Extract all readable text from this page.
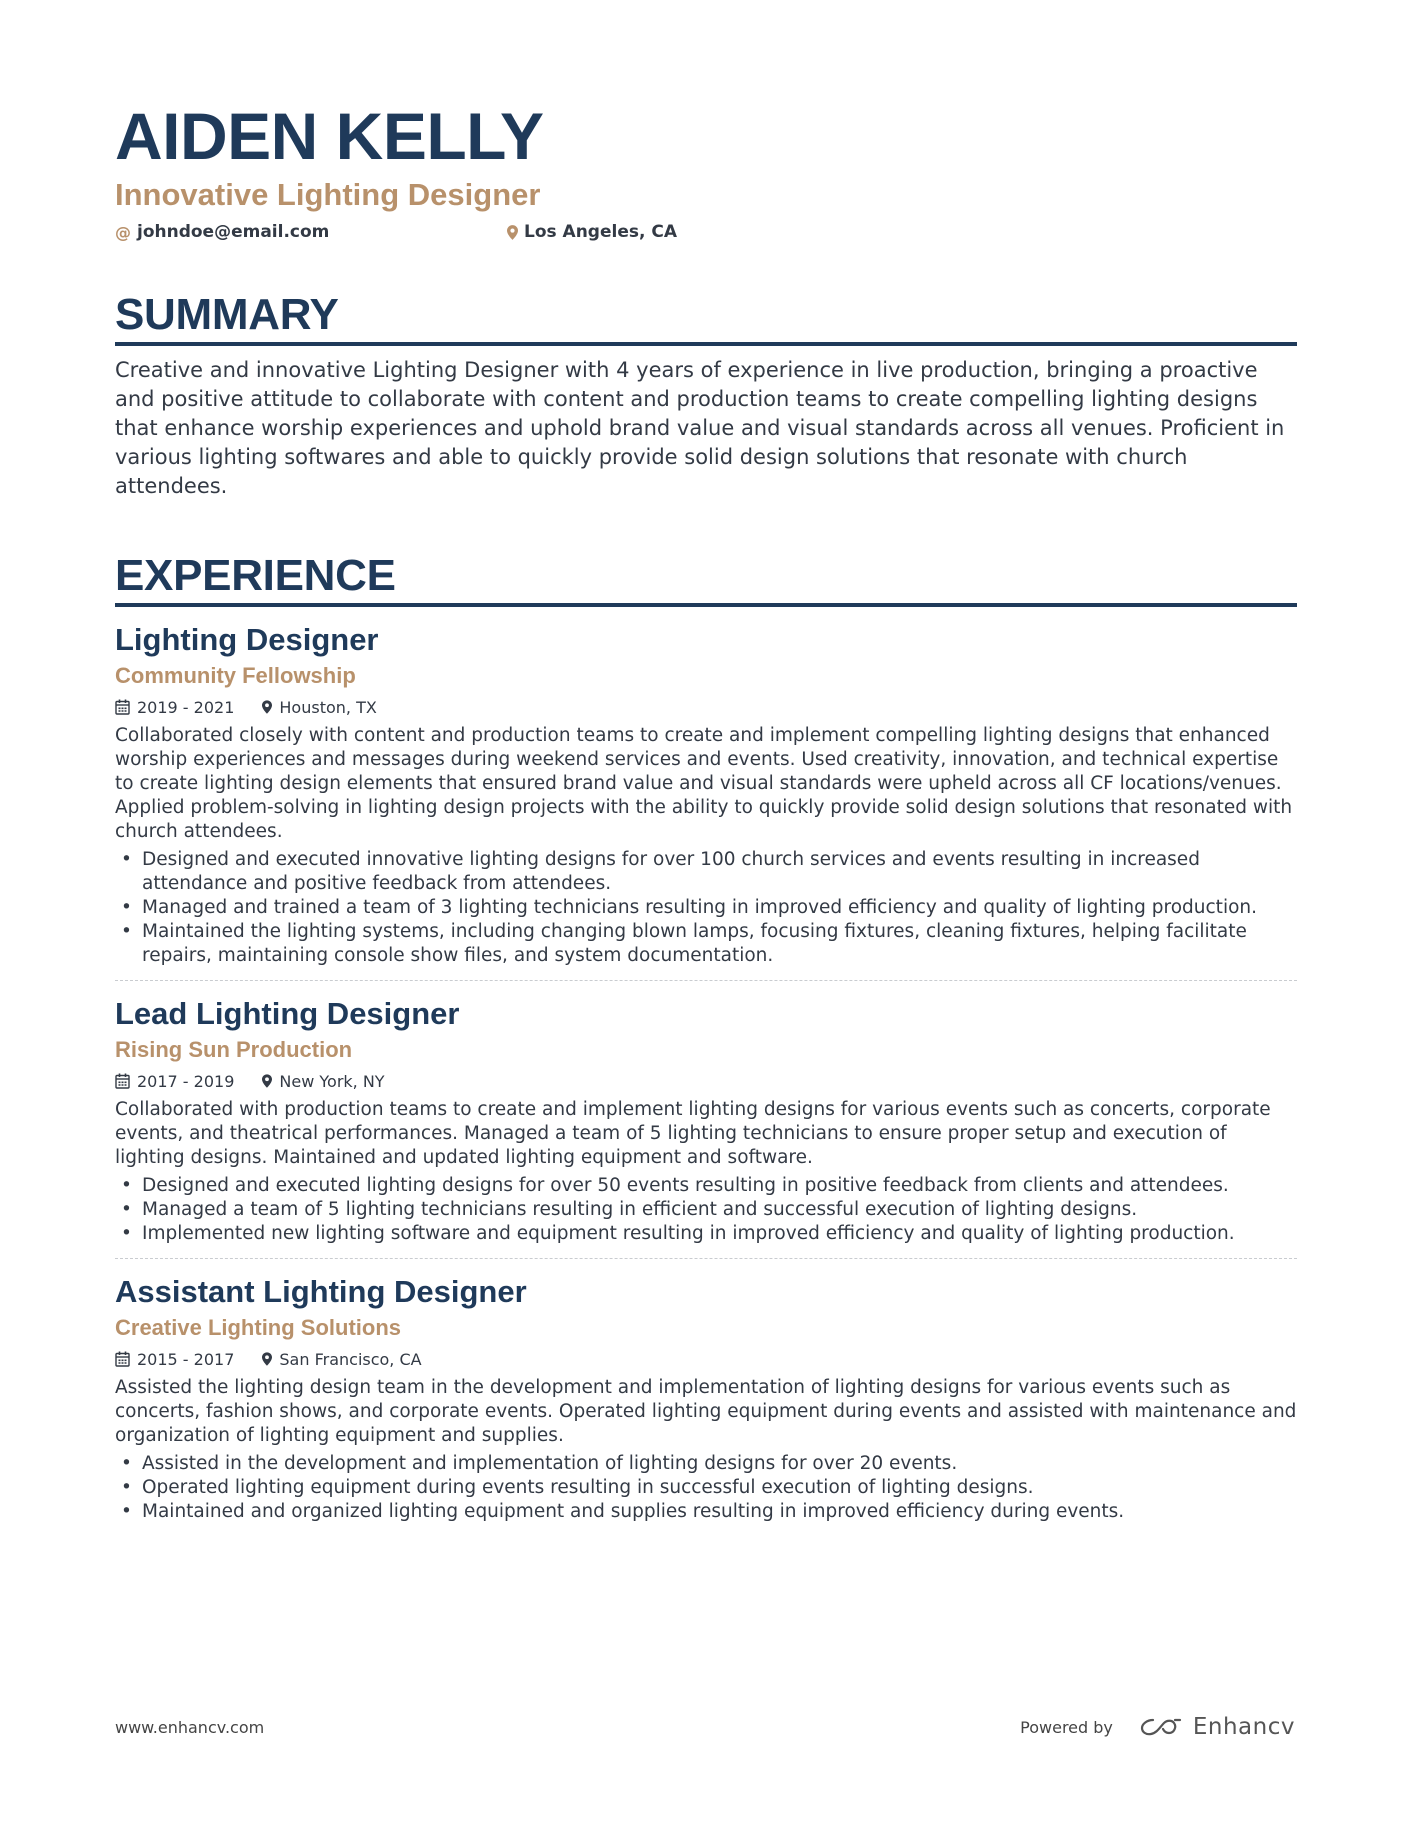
AIDEN KELLY
Innovative Lighting Designer
@ johndoe@email.com	Los Angeles, CA
SUMMARY

Creative and innovative Lighting Designer with 4 years of experience in live production, bringing a proactive and positive attitude to collaborate with content and production teams to create compelling lighting designs that enhance worship experiences and uphold brand value and visual standards across all venues. Proficient in various lighting softwares and able to quickly provide solid design solutions that resonate with church attendees.

EXPERIENCE
Lighting Designer
Community Fellowship
2019 - 2021	Houston, TX

Collaborated closely with content and production teams to create and implement compelling lighting designs that enhanced worship experiences and messages during weekend services and events. Used creativity, innovation, and technical expertise to create lighting design elements that ensured brand value and visual standards were upheld across all CF locations/venues. Applied problem-solving in lighting design projects with the ability to quickly provide solid design solutions that resonated with church attendees.

• Designed and executed innovative lighting designs for over 100 church services and events resulting in increased attendance and positive feedback from attendees.
• Managed and trained a team of 3 lighting technicians resulting in improved efficiency and quality of lighting production.
• Maintained the lighting systems, including changing blown lamps, focusing fixtures, cleaning fixtures, helping facilitate repairs, maintaining console show files, and system documentation.
Lead Lighting Designer
Rising Sun Production
2017 - 2019	New York, NY

Collaborated with production teams to create and implement lighting designs for various events such as concerts, corporate events, and theatrical performances. Managed a team of 5 lighting technicians to ensure proper setup and execution of lighting designs. Maintained and updated lighting equipment and software.

• Designed and executed lighting designs for over 50 events resulting in positive feedback from clients and attendees.
• Managed a team of 5 lighting technicians resulting in efficient and successful execution of lighting designs.
• Implemented new lighting software and equipment resulting in improved efficiency and quality of lighting production.
Assistant Lighting Designer
Creative Lighting Solutions
2015 - 2017	San Francisco, CA

Assisted the lighting design team in the development and implementation of lighting designs for various events such as concerts, fashion shows, and corporate events. Operated lighting equipment during events and assisted with maintenance and organization of lighting equipment and supplies.

• Assisted in the development and implementation of lighting designs for over 20 events.
• Operated lighting equipment during events resulting in successful execution of lighting designs.
• Maintained and organized lighting equipment and supplies resulting in improved efficiency during events.
www.enhancv.com	Powered by	Enhancv
